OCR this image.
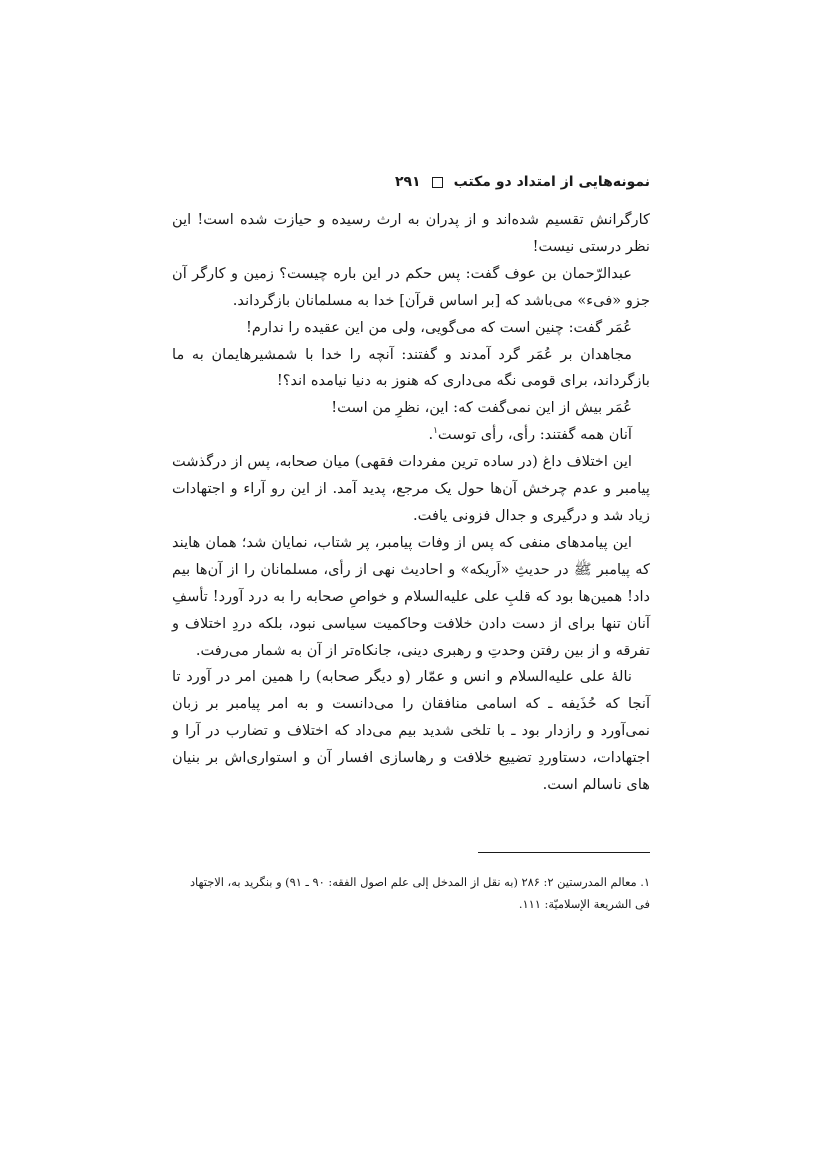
نمونه‌هایی از امتداد دو مکتب
۲۹۱

کارگرانش تقسیم شده‌اند و از پدران به ارث رسیده و حیازت شده است! این نظر درستی نیست!

عبدالرّحمان بن عوف گفت: پس حکم در این باره چیست؟ زمین و کارگر آن جزو «فیء» می‌باشد که [بر اساس قرآن] خدا به مسلمانان بازگرداند.

عُمَر گفت: چنین است که می‌گویی، ولی من این عقیده را ندارم!

مجاهدان بر عُمَر گرد آمدند و گفتند: آنچه را خدا با شمشیرهایمان به ما بازگرداند، برای قومی نگه می‌داری که هنوز به دنیا نیامده اند؟!

عُمَر بیش از این نمی‌گفت که: این، نظرِ من است!

آنان همه گفتند: رأی، رأی توست$^۱$.

این اختلاف داغ (در ساده ترین مفردات فقهی) میان صحابه، پس از درگذشت پیامبر و عدم چرخش آن‌ها حول یک مرجع، پدید آمد. از این رو آراء و اجتهادات زیاد شد و درگیری و جدال فزونی یافت.

این پیامدهای منفی که پس از وفات پیامبر، پر شتاب، نمایان شد؛ همان هایند که پیامبر ﷺ در حدیثِ «اَریکه» و احادیث نهی از رأی، مسلمانان را از آن‌ها بیم داد! همین‌ها بود که قلبِ علی علیه‌السلام و خواصِ صحابه را به درد آورد! تأسفِ آنان تنها برای از دست دادن خلافت وحاکمیت سیاسی نبود، بلکه دردِ اختلاف و تفرقه و از بین رفتن وحدتِ و رهبری دینی، جانکاه‌تر از آن به شمار می‌رفت.

نالهٔ علی علیه‌السلام و انس و عمّار (و دیگر صحابه) را همین امر در آورد تا آنجا که حُذَیفه ـ که اسامی منافقان را می‌دانست و به امر پیامبر بر زبان نمی‌آورد و رازدار بود ـ با تلخی شدید بیم می‌داد که اختلاف و تضارب در آرا و اجتهادات، دستاوردِ تضییع خلافت و رهاسازی افسار آن و استواری‌اش بر بنیان های ناسالم است.

۱. معالم المدرستین ۲: ۲۸۶ (به نقل از المدخل إلی علم اصول الفقه: ۹۰ ـ ۹۱) و بنگرید به، الاجتهاد فی الشریعة الإسلامیّة: ۱۱۱.
